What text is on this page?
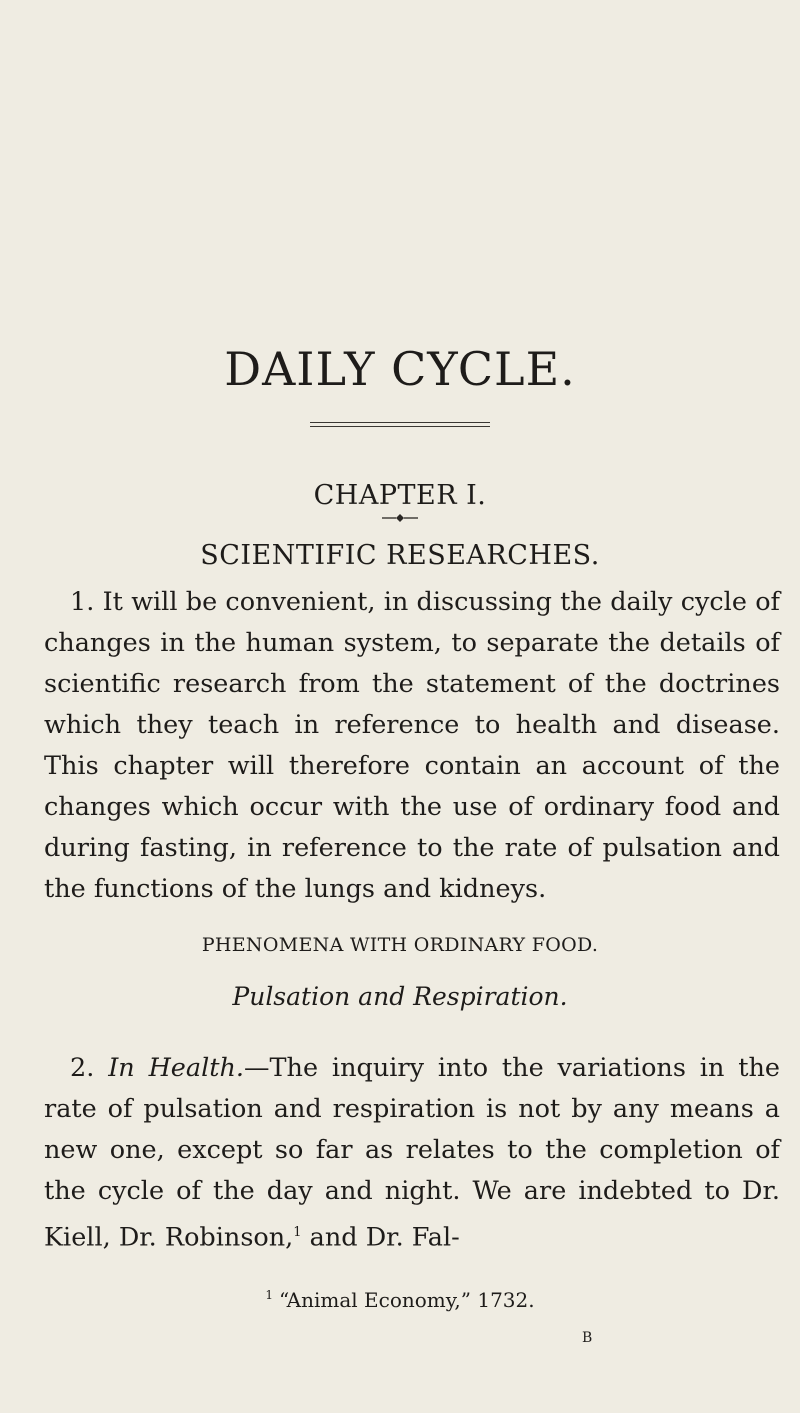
DAILY CYCLE.
CHAPTER I.
SCIENTIFIC RESEARCHES.
1. It will be convenient, in discussing the daily cycle of changes in the human system, to separate the details of scientific research from the statement of the doctrines which they teach in reference to health and disease. This chapter will therefore contain an account of the changes which occur with the use of ordinary food and during fasting, in reference to the rate of pulsation and the functions of the lungs and kidneys.
PHENOMENA WITH ORDINARY FOOD.
Pulsation and Respiration.
2. In Health.—The inquiry into the variations in the rate of pulsation and respiration is not by any means a new one, except so far as relates to the completion of the cycle of the day and night. We are indebted to Dr. Kiell, Dr. Robinson,$^1$ and Dr. Fal-
$^1$ “Animal Economy,” 1732.
B
